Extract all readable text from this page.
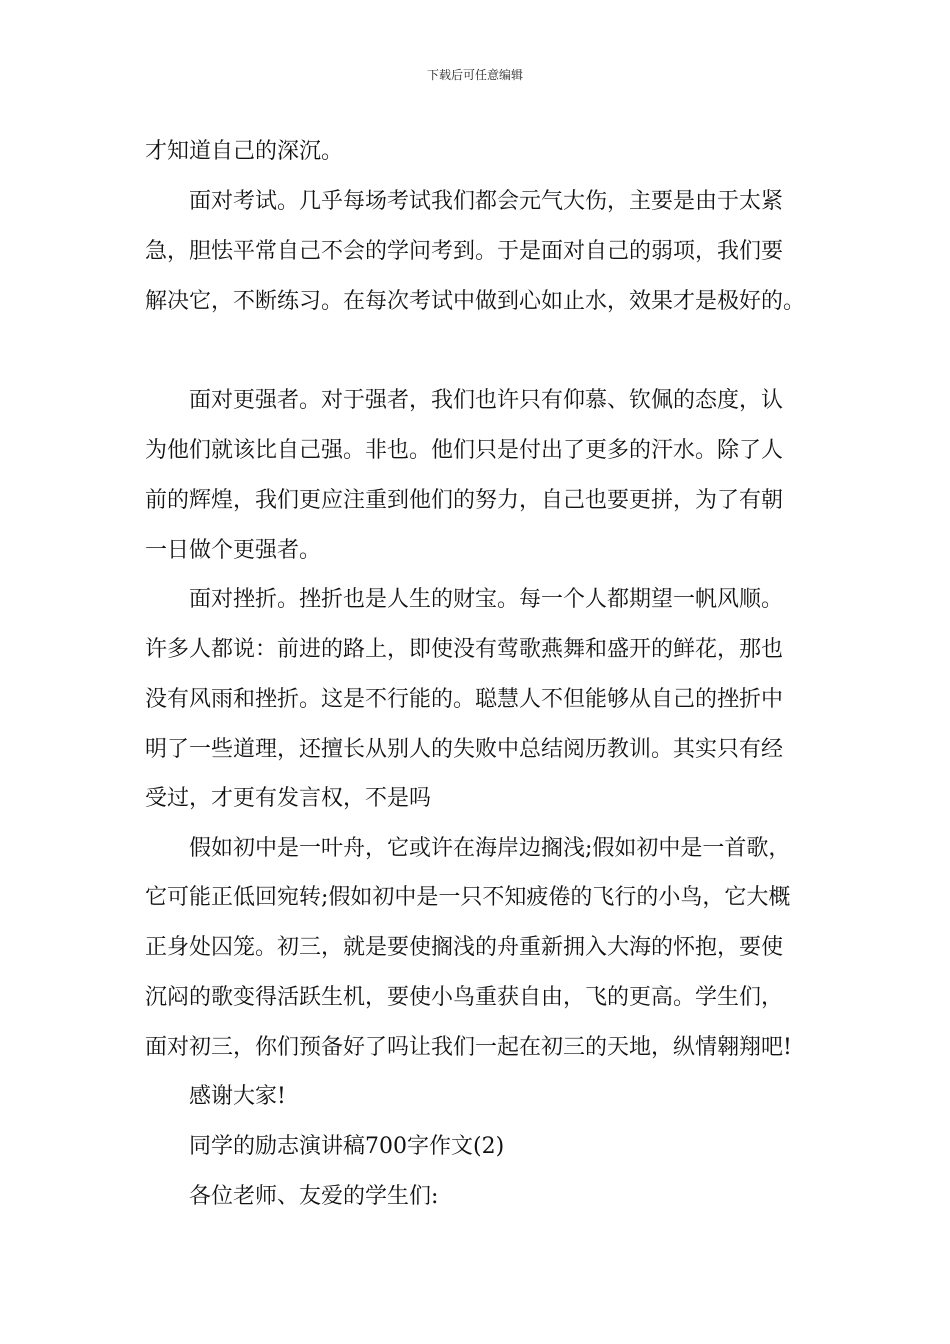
下载后可任意编辑
才知道自己的深沉。
面对考试。几乎每场考试我们都会元气大伤，主要是由于太紧
急，胆怯平常自己不会的学问考到。于是面对自己的弱项，我们要
解决它，不断练习。在每次考试中做到心如止水，效果才是极好的。
面对更强者。对于强者，我们也许只有仰慕、钦佩的态度，认
为他们就该比自己强。非也。他们只是付出了更多的汗水。除了人
前的辉煌，我们更应注重到他们的努力，自己也要更拼，为了有朝
一日做个更强者。
面对挫折。挫折也是人生的财宝。每一个人都期望一帆风顺。
许多人都说：前进的路上，即使没有莺歌燕舞和盛开的鲜花，那也
没有风雨和挫折。这是不行能的。聪慧人不但能够从自己的挫折中
明了一些道理，还擅长从别人的失败中总结阅历教训。其实只有经
受过，才更有发言权，不是吗
假如初中是一叶舟，它或许在海岸边搁浅;假如初中是一首歌，
它可能正低回宛转;假如初中是一只不知疲倦的飞行的小鸟，它大概
正身处囚笼。初三，就是要使搁浅的舟重新拥入大海的怀抱，要使
沉闷的歌变得活跃生机，要使小鸟重获自由，飞的更高。学生们，
面对初三，你们预备好了吗让我们一起在初三的天地，纵情翱翔吧!
感谢大家!
同学的励志演讲稿700字作文(2)
各位老师、友爱的学生们:
